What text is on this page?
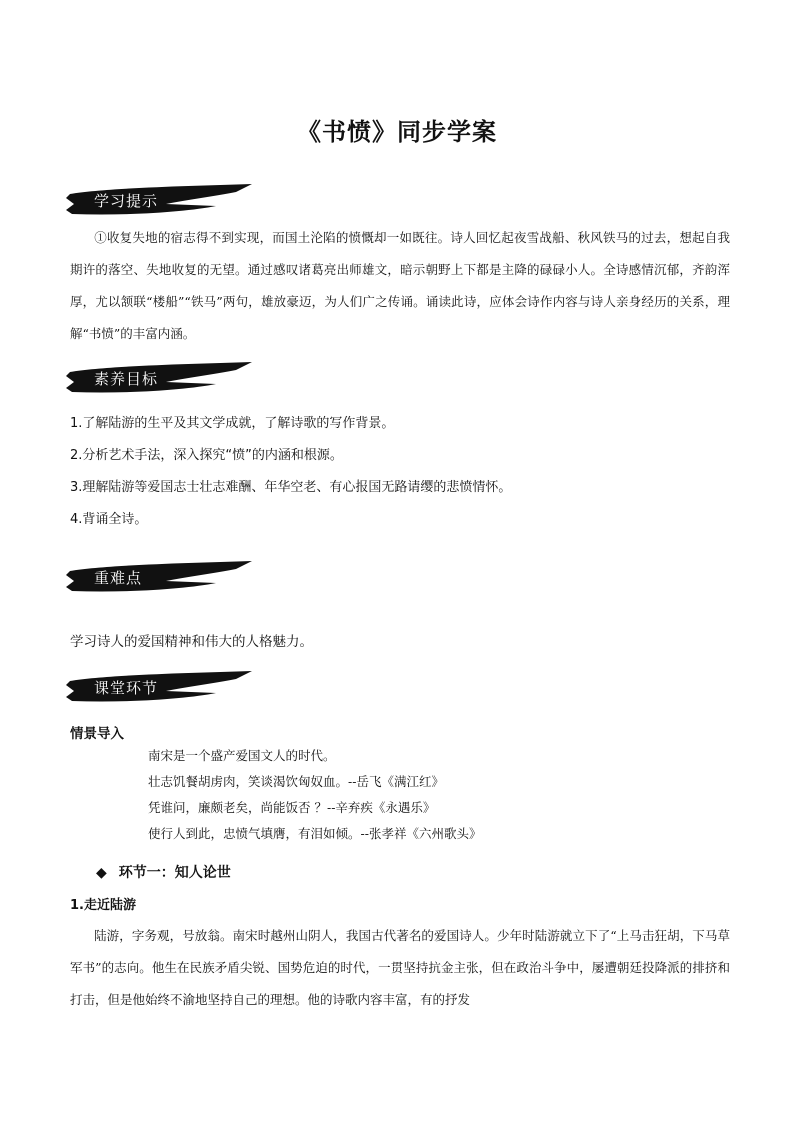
《书愤》同步学案
学习提示
①收复失地的宿志得不到实现，而国土沦陷的愤慨却一如既往。诗人回忆起夜雪战船、秋风铁马的过去，想起自我期许的落空、失地收复的无望。通过感叹诸葛亮出师雄文，暗示朝野上下都是主降的碌碌小人。全诗感情沉郁，齐韵浑厚，尤以颔联“楼船”“铁马”两句，雄放豪迈，为人们广之传诵。诵读此诗，应体会诗作内容与诗人亲身经历的关系，理解“书愤”的丰富内涵。
素养目标
1.了解陆游的生平及其文学成就，了解诗歌的写作背景。
2.分析艺术手法，深入探究“愤”的内涵和根源。
3.理解陆游等爱国志士壮志难酬、年华空老、有心报国无路请缨的悲愤情怀。
4.背诵全诗。
重难点
学习诗人的爱国精神和伟大的人格魅力。
课堂环节
情景导入
南宋是一个盛产爱国文人的时代。
壮志饥餐胡虏肉，笑谈渴饮匈奴血。--岳飞《满江红》
凭谁问，廉颇老矣，尚能饭否 ？--辛弃疾《永遇乐》
使行人到此，忠愤气填膺，有泪如倾。--张孝祥《六州歌头》
◆ 环节一：知人论世
1.走近陆游
陆游，字务观，号放翁。南宋时越州山阴人，我国古代著名的爱国诗人。少年时陆游就立下了“上马击狂胡，下马草军书”的志向。他生在民族矛盾尖锐、国势危迫的时代，一贯坚持抗金主张，但在政治斗争中，屡遭朝廷投降派的排挤和打击，但是他始终不渝地坚持自己的理想。他的诗歌内容丰富，有的抒发
